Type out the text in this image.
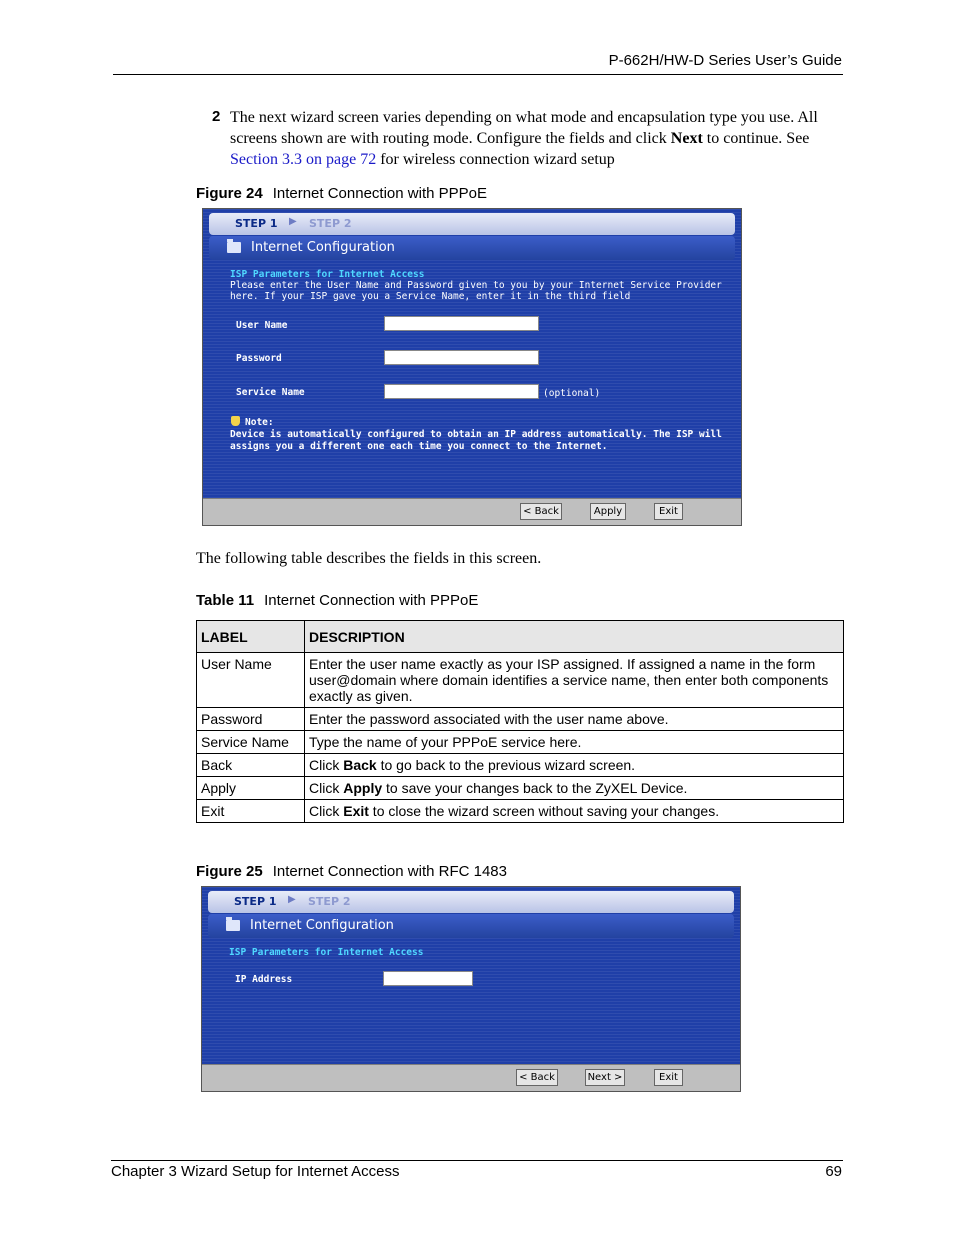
P-662H/HW-D Series User’s Guide
2 The next wizard screen varies depending on what mode and encapsulation type you use. All screens shown are with routing mode. Configure the fields and click Next to continue. See Section 3.3 on page 72 for wireless connection wizard setup
Figure 24 Internet Connection with PPPoE
STEP 1 ▶ STEP 2
Internet Configuration
ISP Parameters for Internet Access
Please enter the User Name and Password given to you by your Internet Service Provider here. If your ISP gave you a Service Name, enter it in the third field
User Name
Password
Service Name	(optional)
Note:
Device is automatically configured to obtain an IP address automatically. The ISP will assigns you a different one each time you connect to the Internet.
< Back	Apply	Exit
The following table describes the fields in this screen.
Table 11 Internet Connection with PPPoE
LABEL	DESCRIPTION
User Name	Enter the user name exactly as your ISP assigned. If assigned a name in the form user@domain where domain identifies a service name, then enter both components exactly as given.
Password	Enter the password associated with the user name above.
Service Name	Type the name of your PPPoE service here.
Back	Click Back to go back to the previous wizard screen.
Apply	Click Apply to save your changes back to the ZyXEL Device.
Exit	Click Exit to close the wizard screen without saving your changes.
Figure 25 Internet Connection with RFC 1483
STEP 1 ▶ STEP 2
Internet Configuration
ISP Parameters for Internet Access
IP Address
< Back	Next >	Exit
Chapter 3 Wizard Setup for Internet Access	69
